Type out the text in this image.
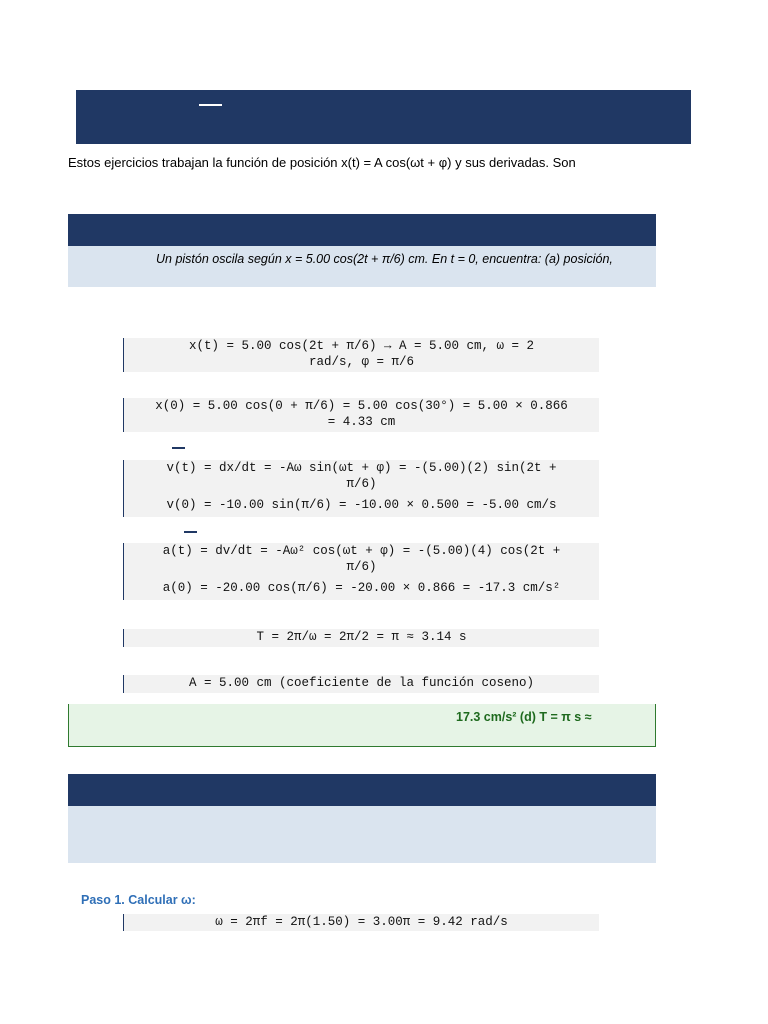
Estos ejercicios trabajan la función de posición x(t) = A cos(ωt + φ) y sus derivadas. Son
Un pistón oscila según x = 5.00 cos(2t + π/6) cm. En t = 0, encuentra: (a) posición,
x(t) = 5.00 cos(2t + π/6) → A = 5.00 cm, ω = 2
rad/s, φ = π/6
x(0) = 5.00 cos(0 + π/6) = 5.00 cos(30°) = 5.00 × 0.866
= 4.33 cm
v(t) = dx/dt = -Aω sin(ωt + φ) = -(5.00)(2) sin(2t +
π/6)
v(0) = -10.00 sin(π/6) = -10.00 × 0.500 = -5.00 cm/s
a(t) = dv/dt = -Aω² cos(ωt + φ) = -(5.00)(4) cos(2t +
π/6)
a(0) = -20.00 cos(π/6) = -20.00 × 0.866 = -17.3 cm/s²
T = 2π/ω = 2π/2 = π ≈ 3.14 s
A = 5.00 cm (coeficiente de la función coseno)
17.3 cm/s² (d) T = π s ≈
Paso 1. Calcular ω:
ω = 2πf = 2π(1.50) = 3.00π = 9.42 rad/s
